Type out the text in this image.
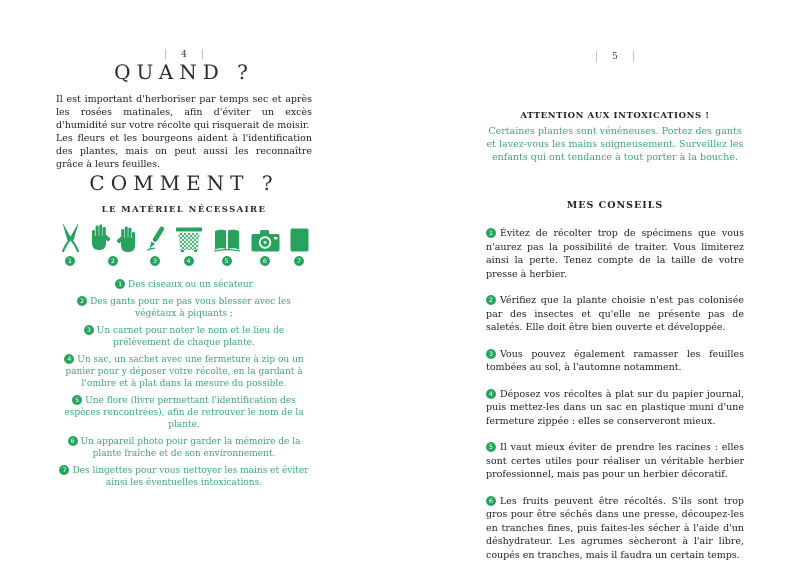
4
QUAND ?

Il est important d'herboriser par temps sec et après les rosées matinales, afin d'éviter un excès d'humidité sur votre récolte qui risquerait de moisir.

Les fleurs et les bourgeons aident à l'identification des plantes, mais on peut aussi les reconnaître grâce à leurs feuilles.

COMMENT ?
LE MATÉRIEL NÉCESSAIRE
1	2	3	4	5	6	7
1 Des ciseaux ou un sécateur
2 Des gants pour ne pas vous blesser avec les végétaux à piquants ;
3 Un carnet pour noter le nom et le lieu de prélèvement de chaque plante.
4 Un sac, un sachet avec une fermeture à zip ou un panier pour y déposer votre récolte, en la gardant à l'ombre et à plat dans la mesure du possible.
5 Une flore (livre permettant l'identification des espèces rencontrées), afin de retrouver le nom de la plante.
6 Un appareil photo pour garder la mémoire de la plante fraîche et de son environnement.
7 Des lingettes pour vous nettoyer les mains et éviter ainsi les éventuelles intoxications.
5
ATTENTION AUX INTOXICATIONS !
Certaines plantes sont vénéneuses. Portez des gants et lavez-vous les mains soigneusement. Surveillez les enfants qui ont tendance à tout porter à la bouche.
MES CONSEILS

1 Évitez de récolter trop de spécimens que vous n'aurez pas la possibilité de traiter. Vous limiterez ainsi la perte. Tenez compte de la taille de votre presse à herbier.

2 Vérifiez que la plante choisie n'est pas colonisée par des insectes et qu'elle ne présente pas de saletés. Elle doit être bien ouverte et développée.

3 Vous pouvez également ramasser les feuilles tombées au sol, à l'automne notamment.

4 Déposez vos récoltes à plat sur du papier journal, puis mettez-les dans un sac en plastique muni d'une fermeture zippée : elles se conserveront mieux.

5 Il vaut mieux éviter de prendre les racines : elles sont certes utiles pour réaliser un véritable herbier professionnel, mais pas pour un herbier décoratif.

6 Les fruits peuvent être récoltés. S'ils sont trop gros pour être séchés dans une presse, découpez-les en tranches fines, puis faites-les sécher à l'aide d'un déshydrateur. Les agrumes sècheront à l'air libre, coupés en tranches, mais il faudra un certain temps.
